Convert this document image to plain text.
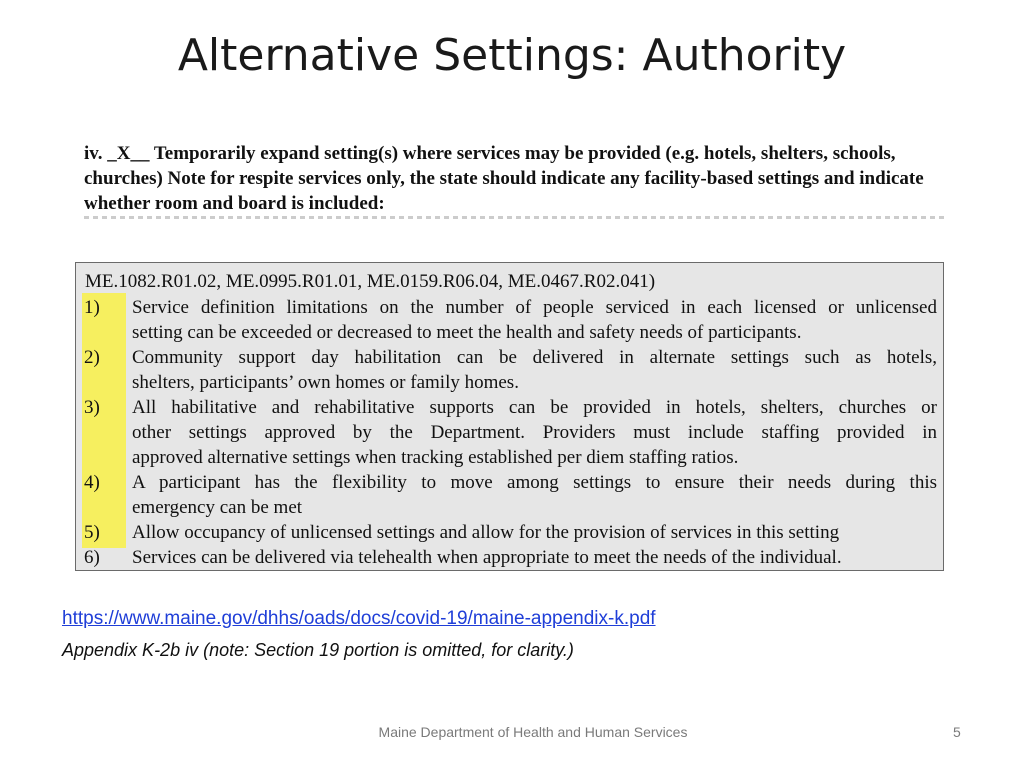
Alternative Settings: Authority
iv. _X__ Temporarily expand setting(s) where services may be provided (e.g. hotels, shelters, schools, churches) Note for respite services only, the state should indicate any facility-based settings and indicate whether room and board is included:
ME.1082.R01.02, ME.0995.R01.01, ME.0159.R06.04, ME.0467.R02.041)
1)	Service definition limitations on the number of people serviced in each licensed or unlicensed
setting can be exceeded or decreased to meet the health and safety needs of participants.
2)	Community support day habilitation can be delivered in alternate settings such as hotels,
shelters, participants’ own homes or family homes.
3)	All habilitative and rehabilitative supports can be provided in hotels, shelters, churches or
other settings approved by the Department. Providers must include staffing provided in
approved alternative settings when tracking established per diem staffing ratios.
4)	A participant has the flexibility to move among settings to ensure their needs during this
emergency can be met
5)	Allow occupancy of unlicensed settings and allow for the provision of services in this setting
6)	Services can be delivered via telehealth when appropriate to meet the needs of the individual.
https://www.maine.gov/dhhs/oads/docs/covid-19/maine-appendix-k.pdf
Appendix K-2b iv (note: Section 19 portion is omitted, for clarity.)
Maine Department of Health and Human Services	5
